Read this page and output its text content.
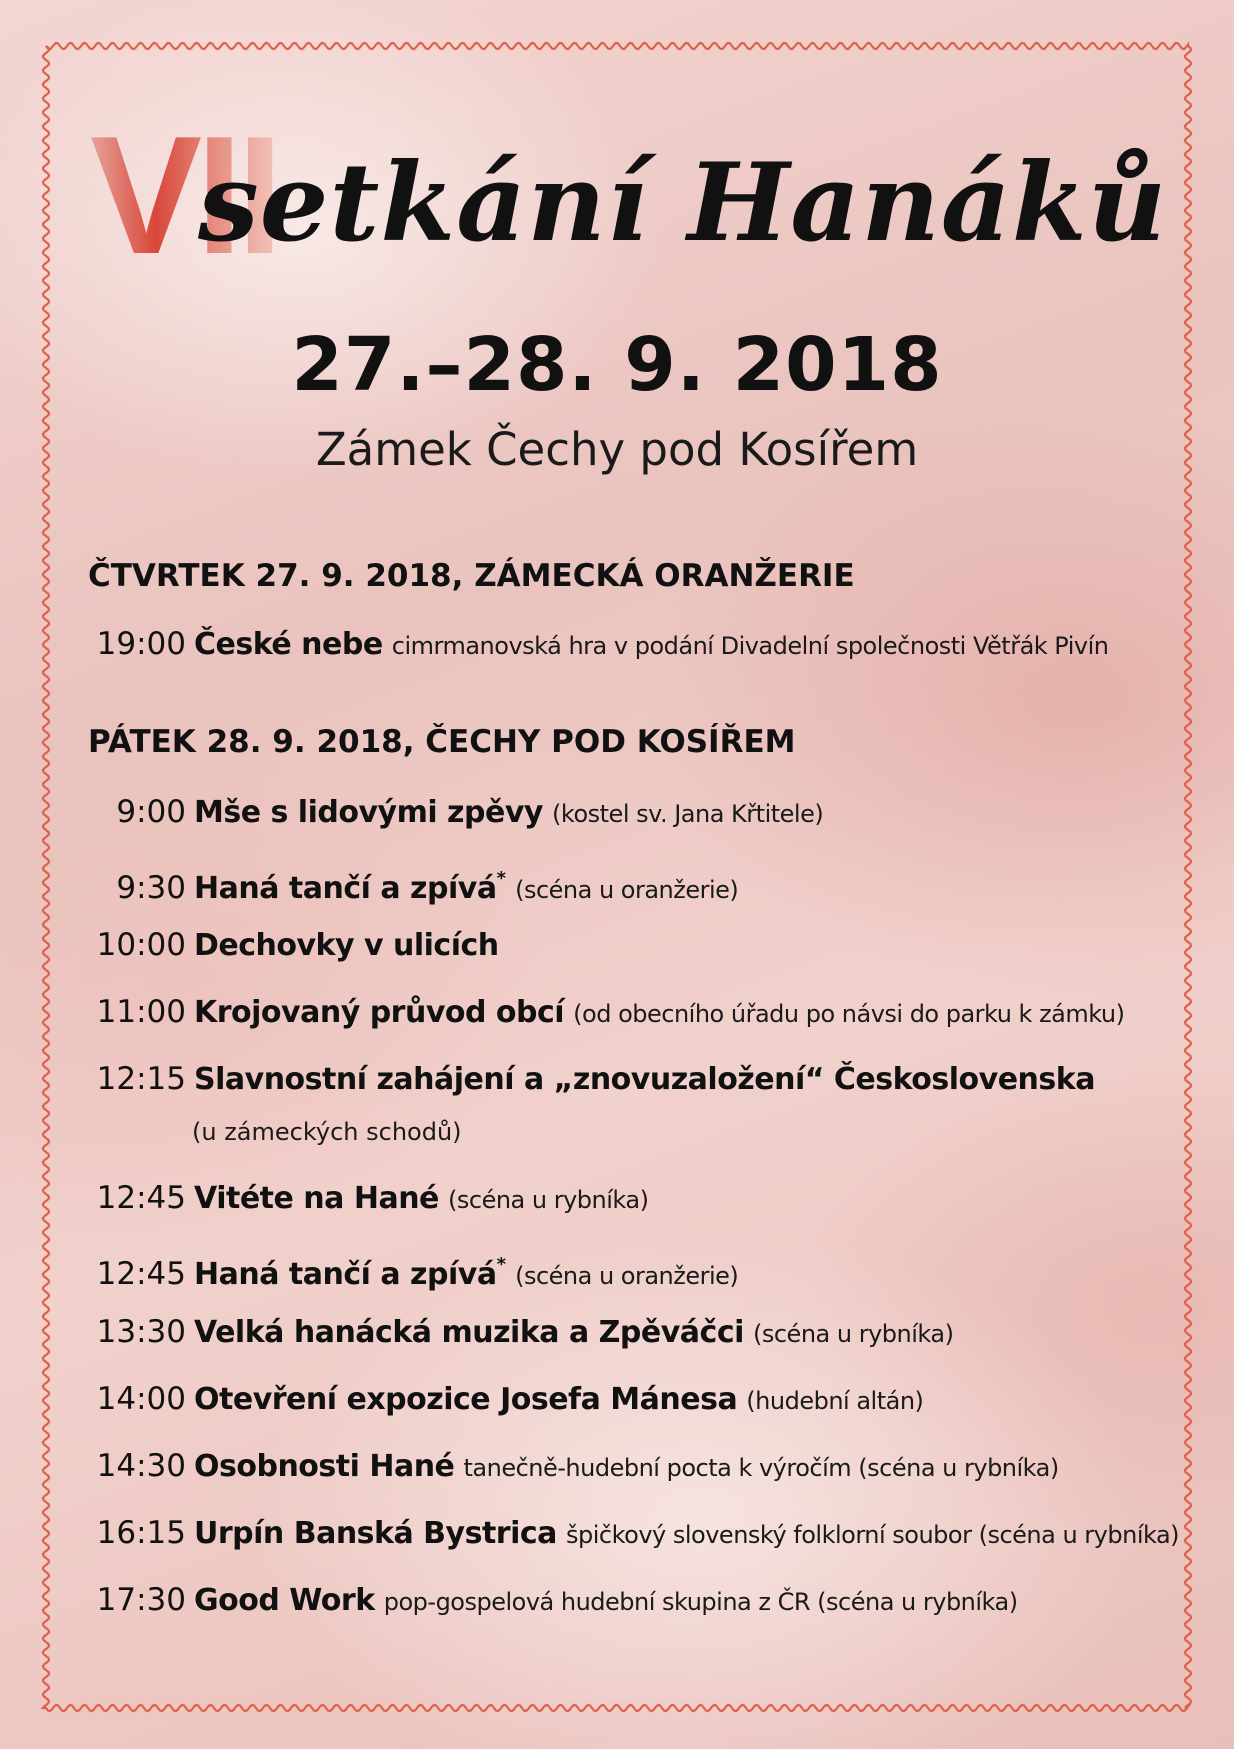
VII
setkání Hanáků
27.–28. 9. 2018
Zámek Čechy pod Kosířem
ČTVRTEK 27. 9. 2018, ZÁMECKÁ ORANŽERIE
19:00 České nebe cimrmanovská hra v podání Divadelní společnosti Větřák Pivín
PÁTEK 28. 9. 2018, ČECHY POD KOSÍŘEM
9:00 Mše s lidovými zpěvy (kostel sv. Jana Křtitele)
9:30 Haná tančí a zpívá* (scéna u oranžerie)
10:00 Dechovky v ulicích
11:00 Krojovaný průvod obcí (od obecního úřadu po návsi do parku k zámku)
12:15 Slavnostní zahájení a „znovuzaložení“ Československa
(u zámeckých schodů)
12:45 Vitéte na Hané (scéna u rybníka)
12:45 Haná tančí a zpívá* (scéna u oranžerie)
13:30 Velká hanácká muzika a Zpěváčci (scéna u rybníka)
14:00 Otevření expozice Josefa Mánesa (hudební altán)
14:30 Osobnosti Hané tanečně-hudební pocta k výročím (scéna u rybníka)
16:15 Urpín Banská Bystrica špičkový slovenský folklorní soubor (scéna u rybníka)
17:30 Good Work pop-gospelová hudební skupina z ČR (scéna u rybníka)
